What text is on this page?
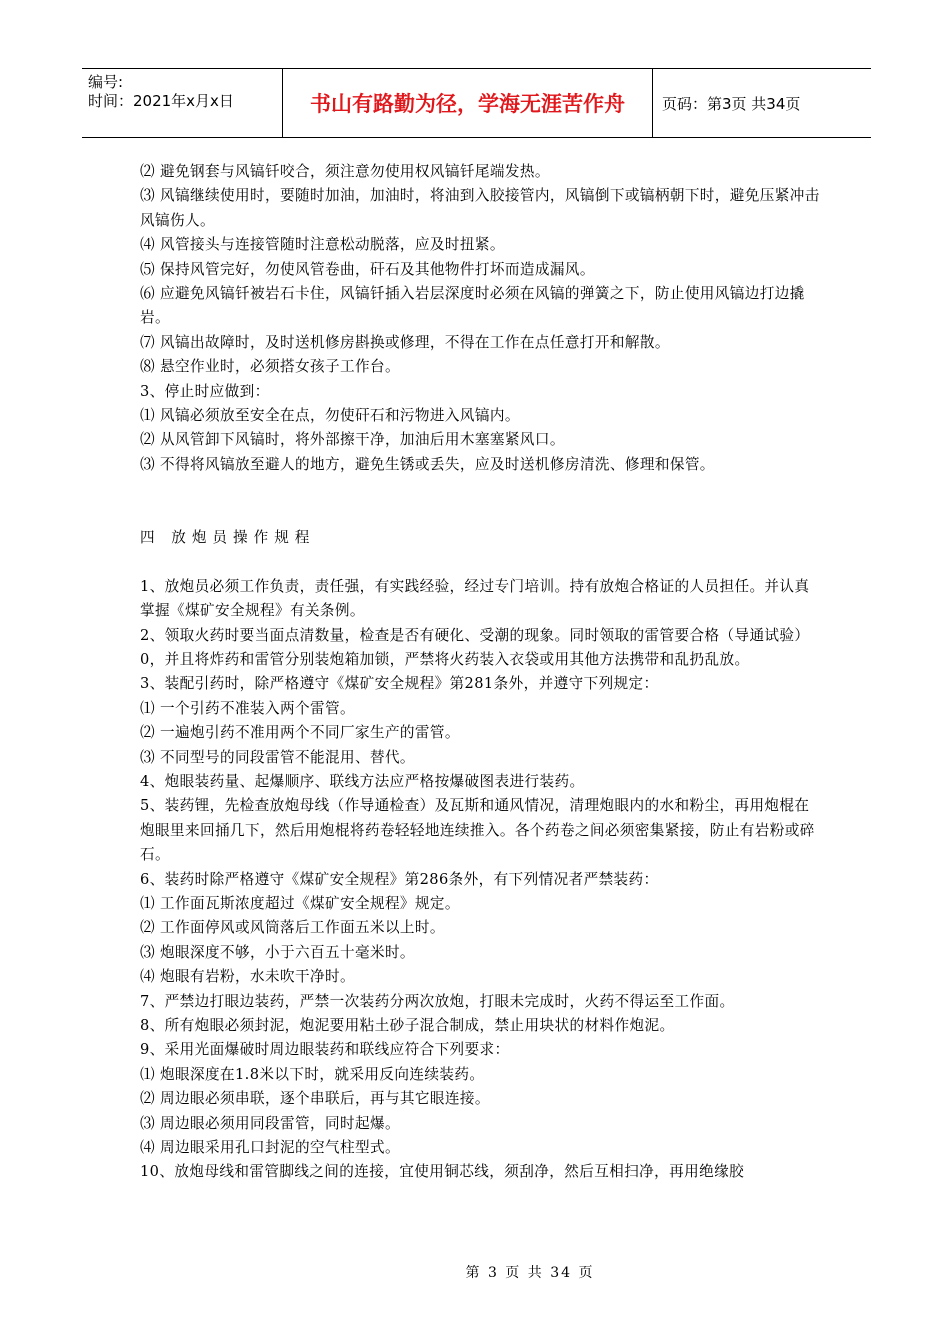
编号:
时间：2021年x月x日	书山有路勤为径，学海无涯苦作舟	页码：第3页 共34页

⑵ 避免钢套与风镐钎咬合，须注意勿使用权风镐钎尾端发热。

⑶ 风镐继续使用时，要随时加油，加油时，将油到入胶接管内，风镐倒下或镐柄朝下时，避免压紧冲击风镐伤人。

⑷ 风管接头与连接管随时注意松动脱落，应及时扭紧。

⑸ 保持风管完好，勿使风管卷曲，矸石及其他物件打坏而造成漏风。

⑹ 应避免风镐钎被岩石卡住，风镐钎插入岩层深度时必须在风镐的弹簧之下，防止使用风镐边打边撬岩。

⑺ 风镐出故障时，及时送机修房斟换或修理，不得在工作在点任意打开和解散。

⑻ 悬空作业时，必须搭女孩子工作台。

3、停止时应做到：

⑴ 风镐必须放至安全在点，勿使矸石和污物进入风镐内。

⑵ 从风管卸下风镐时，将外部擦干净，加油后用木塞塞紧风口。

⑶ 不得将风镐放至避人的地方，避免生锈或丢失，应及时送机修房清洗、修理和保管。

四 放炮员操作规程

1、放炮员必须工作负责，责任强，有实践经验，经过专门培训。持有放炮合格证的人员担任。并认真掌握《煤矿安全规程》有关条例。

2、领取火药时要当面点清数量，检查是否有硬化、受潮的现象。同时领取的雷管要合格（导通试验）0，并且将炸药和雷管分别装炮箱加锁，严禁将火药装入衣袋或用其他方法携带和乱扔乱放。

3、装配引药时，除严格遵守《煤矿安全规程》第281条外，并遵守下列规定：

⑴ 一个引药不准装入两个雷管。

⑵ 一遍炮引药不准用两个不同厂家生产的雷管。

⑶ 不同型号的同段雷管不能混用、替代。

4、炮眼装药量、起爆顺序、联线方法应严格按爆破图表进行装药。

5、装药锂，先检查放炮母线（作导通检查）及瓦斯和通风情况，清理炮眼内的水和粉尘，再用炮棍在炮眼里来回捅几下，然后用炮棍将药卷轻轻地连续推入。各个药卷之间必须密集紧接，防止有岩粉或碎石。

6、装药时除严格遵守《煤矿安全规程》第286条外，有下列情况者严禁装药：

⑴ 工作面瓦斯浓度超过《煤矿安全规程》规定。

⑵ 工作面停风或风筒落后工作面五米以上时。

⑶ 炮眼深度不够，小于六百五十毫米时。

⑷ 炮眼有岩粉，水未吹干净时。

7、严禁边打眼边装药，严禁一次装药分两次放炮，打眼未完成时，火药不得运至工作面。

8、所有炮眼必须封泥，炮泥要用粘土砂子混合制成，禁止用块状的材料作炮泥。

9、采用光面爆破时周边眼装药和联线应符合下列要求：

⑴ 炮眼深度在1.8米以下时，就采用反向连续装药。

⑵ 周边眼必须串联，逐个串联后，再与其它眼连接。

⑶ 周边眼必须用同段雷管，同时起爆。

⑷ 周边眼采用孔口封泥的空气柱型式。

10、放炮母线和雷管脚线之间的连接，宜使用铜芯线，须刮净，然后互相扫净，再用绝缘胶

第 3 页 共 34 页
